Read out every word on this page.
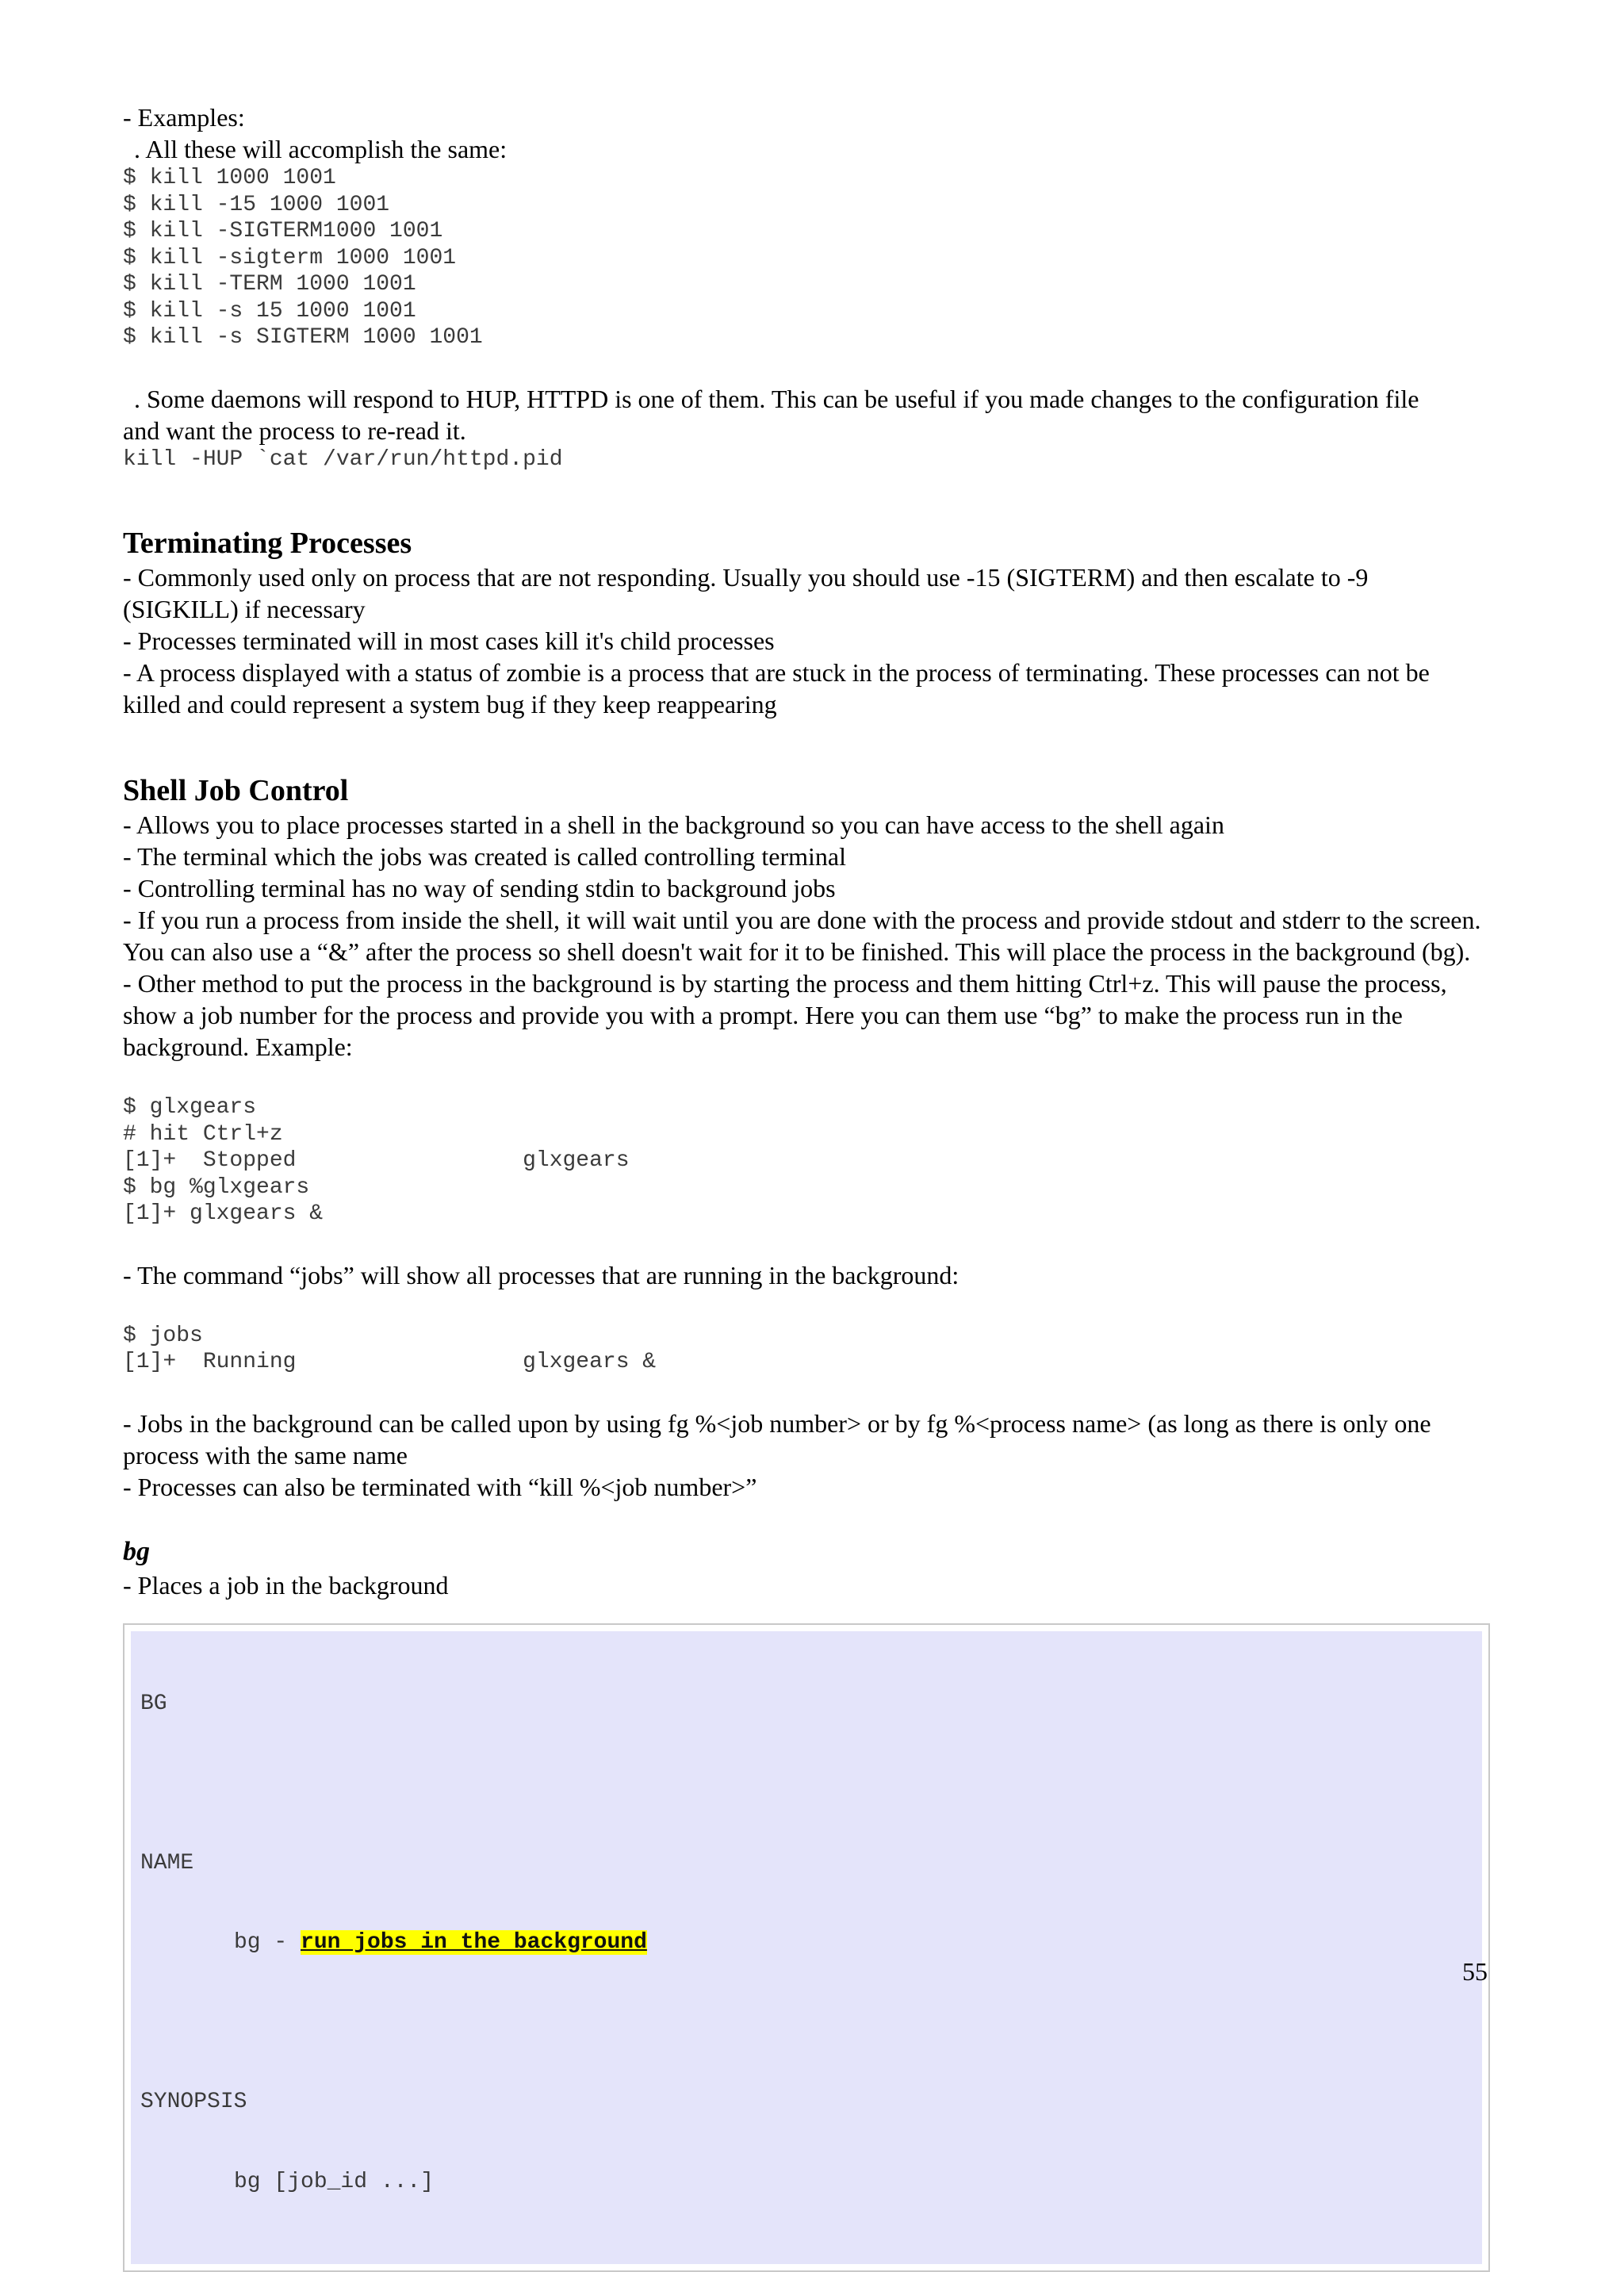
- Examples:

. All these will accomplish the same:

$ kill 1000 1001

$ kill -15 1000 1001

$ kill -SIGTERM1000 1001

$ kill -sigterm 1000 1001

$ kill -TERM 1000 1001

$ kill -s 15 1000 1001

$ kill -s SIGTERM 1000 1001

. Some daemons will respond to HUP, HTTPD is one of them. This can be useful if you made changes to the configuration file

and want the process to re-read it.

kill -HUP `cat /var/run/httpd.pid

Terminating Processes

- Commonly used only on process that are not responding. Usually you should use -15 (SIGTERM) and then escalate to -9 (SIGKILL) if necessary

- Processes terminated will in most cases kill it's child processes

- A process displayed with a status of zombie is a process that are stuck in the process of terminating. These processes can not be killed and could represent a system bug if they keep reappearing

Shell Job Control

- Allows you to place processes started in a shell in the background so you can have access to the shell again

- The terminal which the jobs was created is called controlling terminal

- Controlling terminal has no way of sending stdin to background jobs

- If you run a process from inside the shell, it will wait until you are done with the process and provide stdout and stderr to the screen. You can also use a “&” after the process so shell doesn't wait for it to be finished. This will place the process in the background (bg).

- Other method to put the process in the background is by starting the process and them hitting Ctrl+z. This will pause the process, show a job number for the process and provide you with a prompt. Here you can them use “bg” to make the process run in the background. Example:

$ glxgears

# hit Ctrl+z

[1]+  Stopped                 glxgears

$ bg %glxgears

[1]+ glxgears &

- The command “jobs” will show all processes that are running in the background:

$ jobs

[1]+  Running                 glxgears &

- Jobs in the background can be called upon by using fg %<job number> or by fg %<process name> (as long as there is only one process with the same name

- Processes can also be terminated with “kill %<job number>”

bg

- Places a job in the background

BG

NAME

bg - run jobs in the background

SYNOPSIS

bg [job_id ...]

55
